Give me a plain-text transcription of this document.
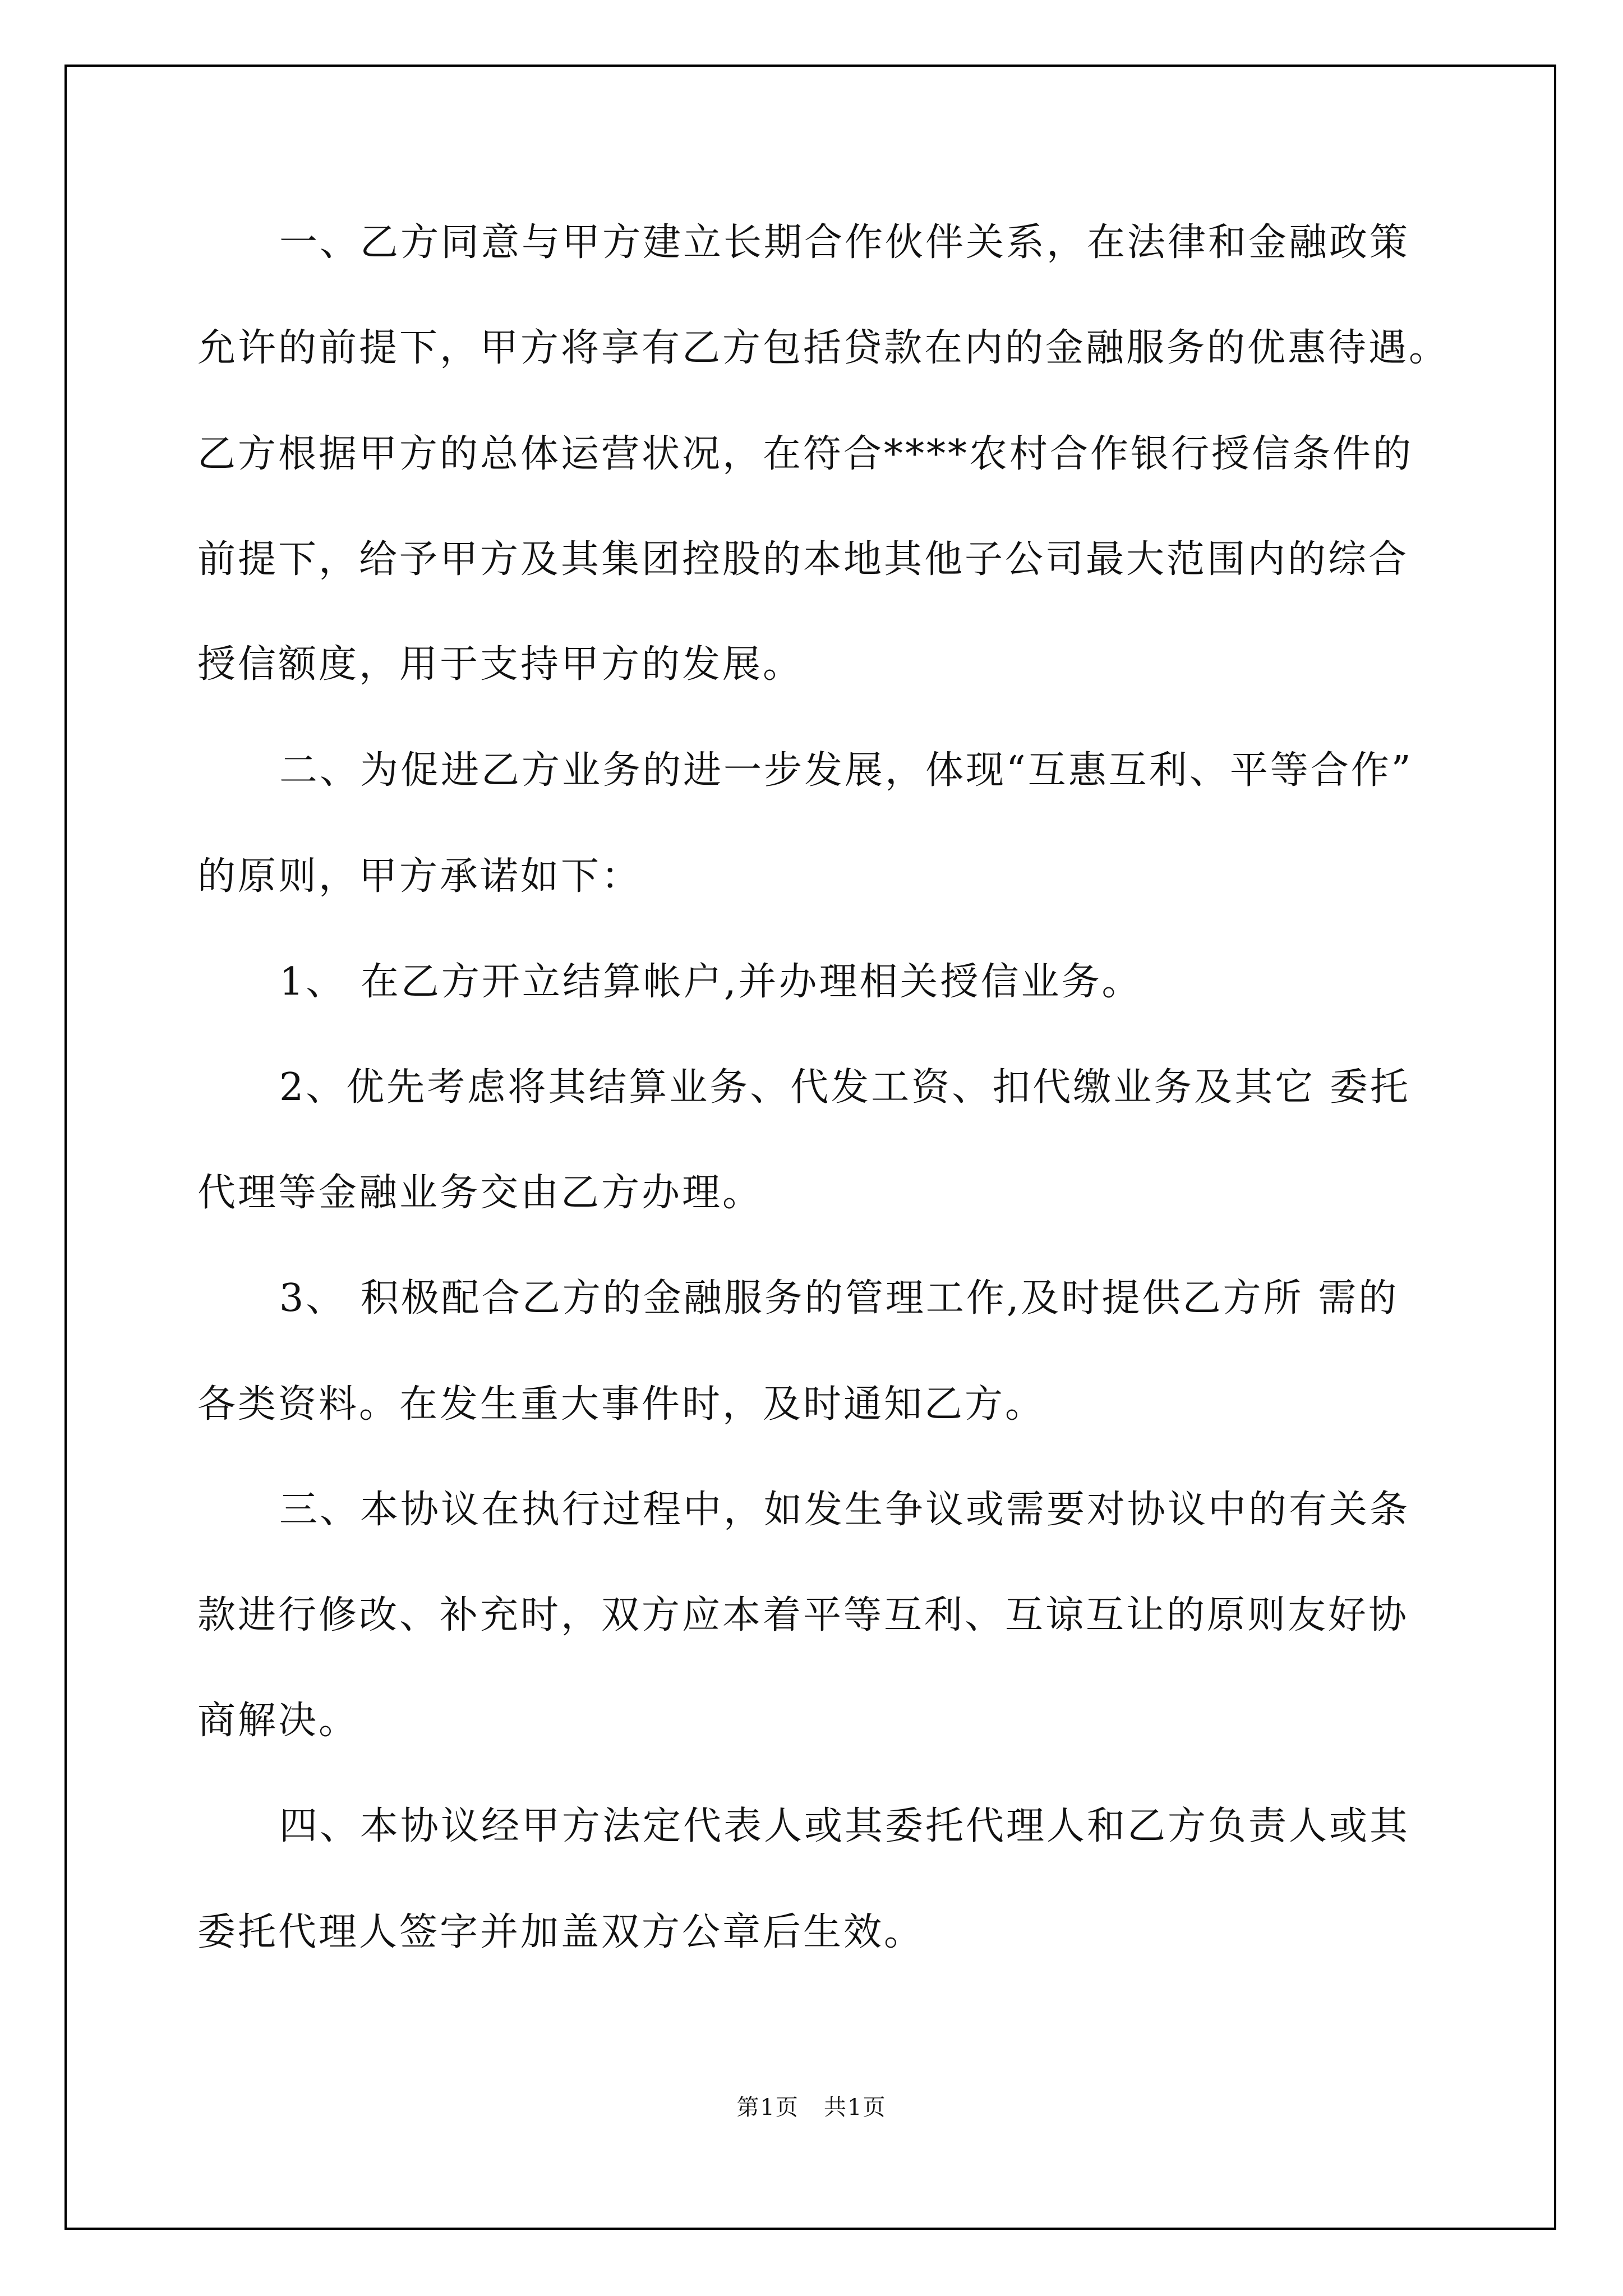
一、乙方同意与甲方建立长期合作伙伴关系，在法律和金融政策
允许的前提下，甲方将享有乙方包括贷款在内的金融服务的优惠待遇。
乙方根据甲方的总体运营状况，在符合****农村合作银行授信条件的
前提下，给予甲方及其集团控股的本地其他子公司最大范围内的综合
授信额度，用于支持甲方的发展。
二、为促进乙方业务的进一步发展，体现“互惠互利、平等合作”
的原则，甲方承诺如下：
1、 在乙方开立结算帐户,并办理相关授信业务。
2、优先考虑将其结算业务、代发工资、扣代缴业务及其它 委托
代理等金融业务交由乙方办理。
3、 积极配合乙方的金融服务的管理工作,及时提供乙方所 需的
各类资料。在发生重大事件时，及时通知乙方。
三、本协议在执行过程中，如发生争议或需要对协议中的有关条
款进行修改、补充时，双方应本着平等互利、互谅互让的原则友好协
商解决。
四、本协议经甲方法定代表人或其委托代理人和乙方负责人或其
委托代理人签字并加盖双方公章后生效。
第1页   共1页
